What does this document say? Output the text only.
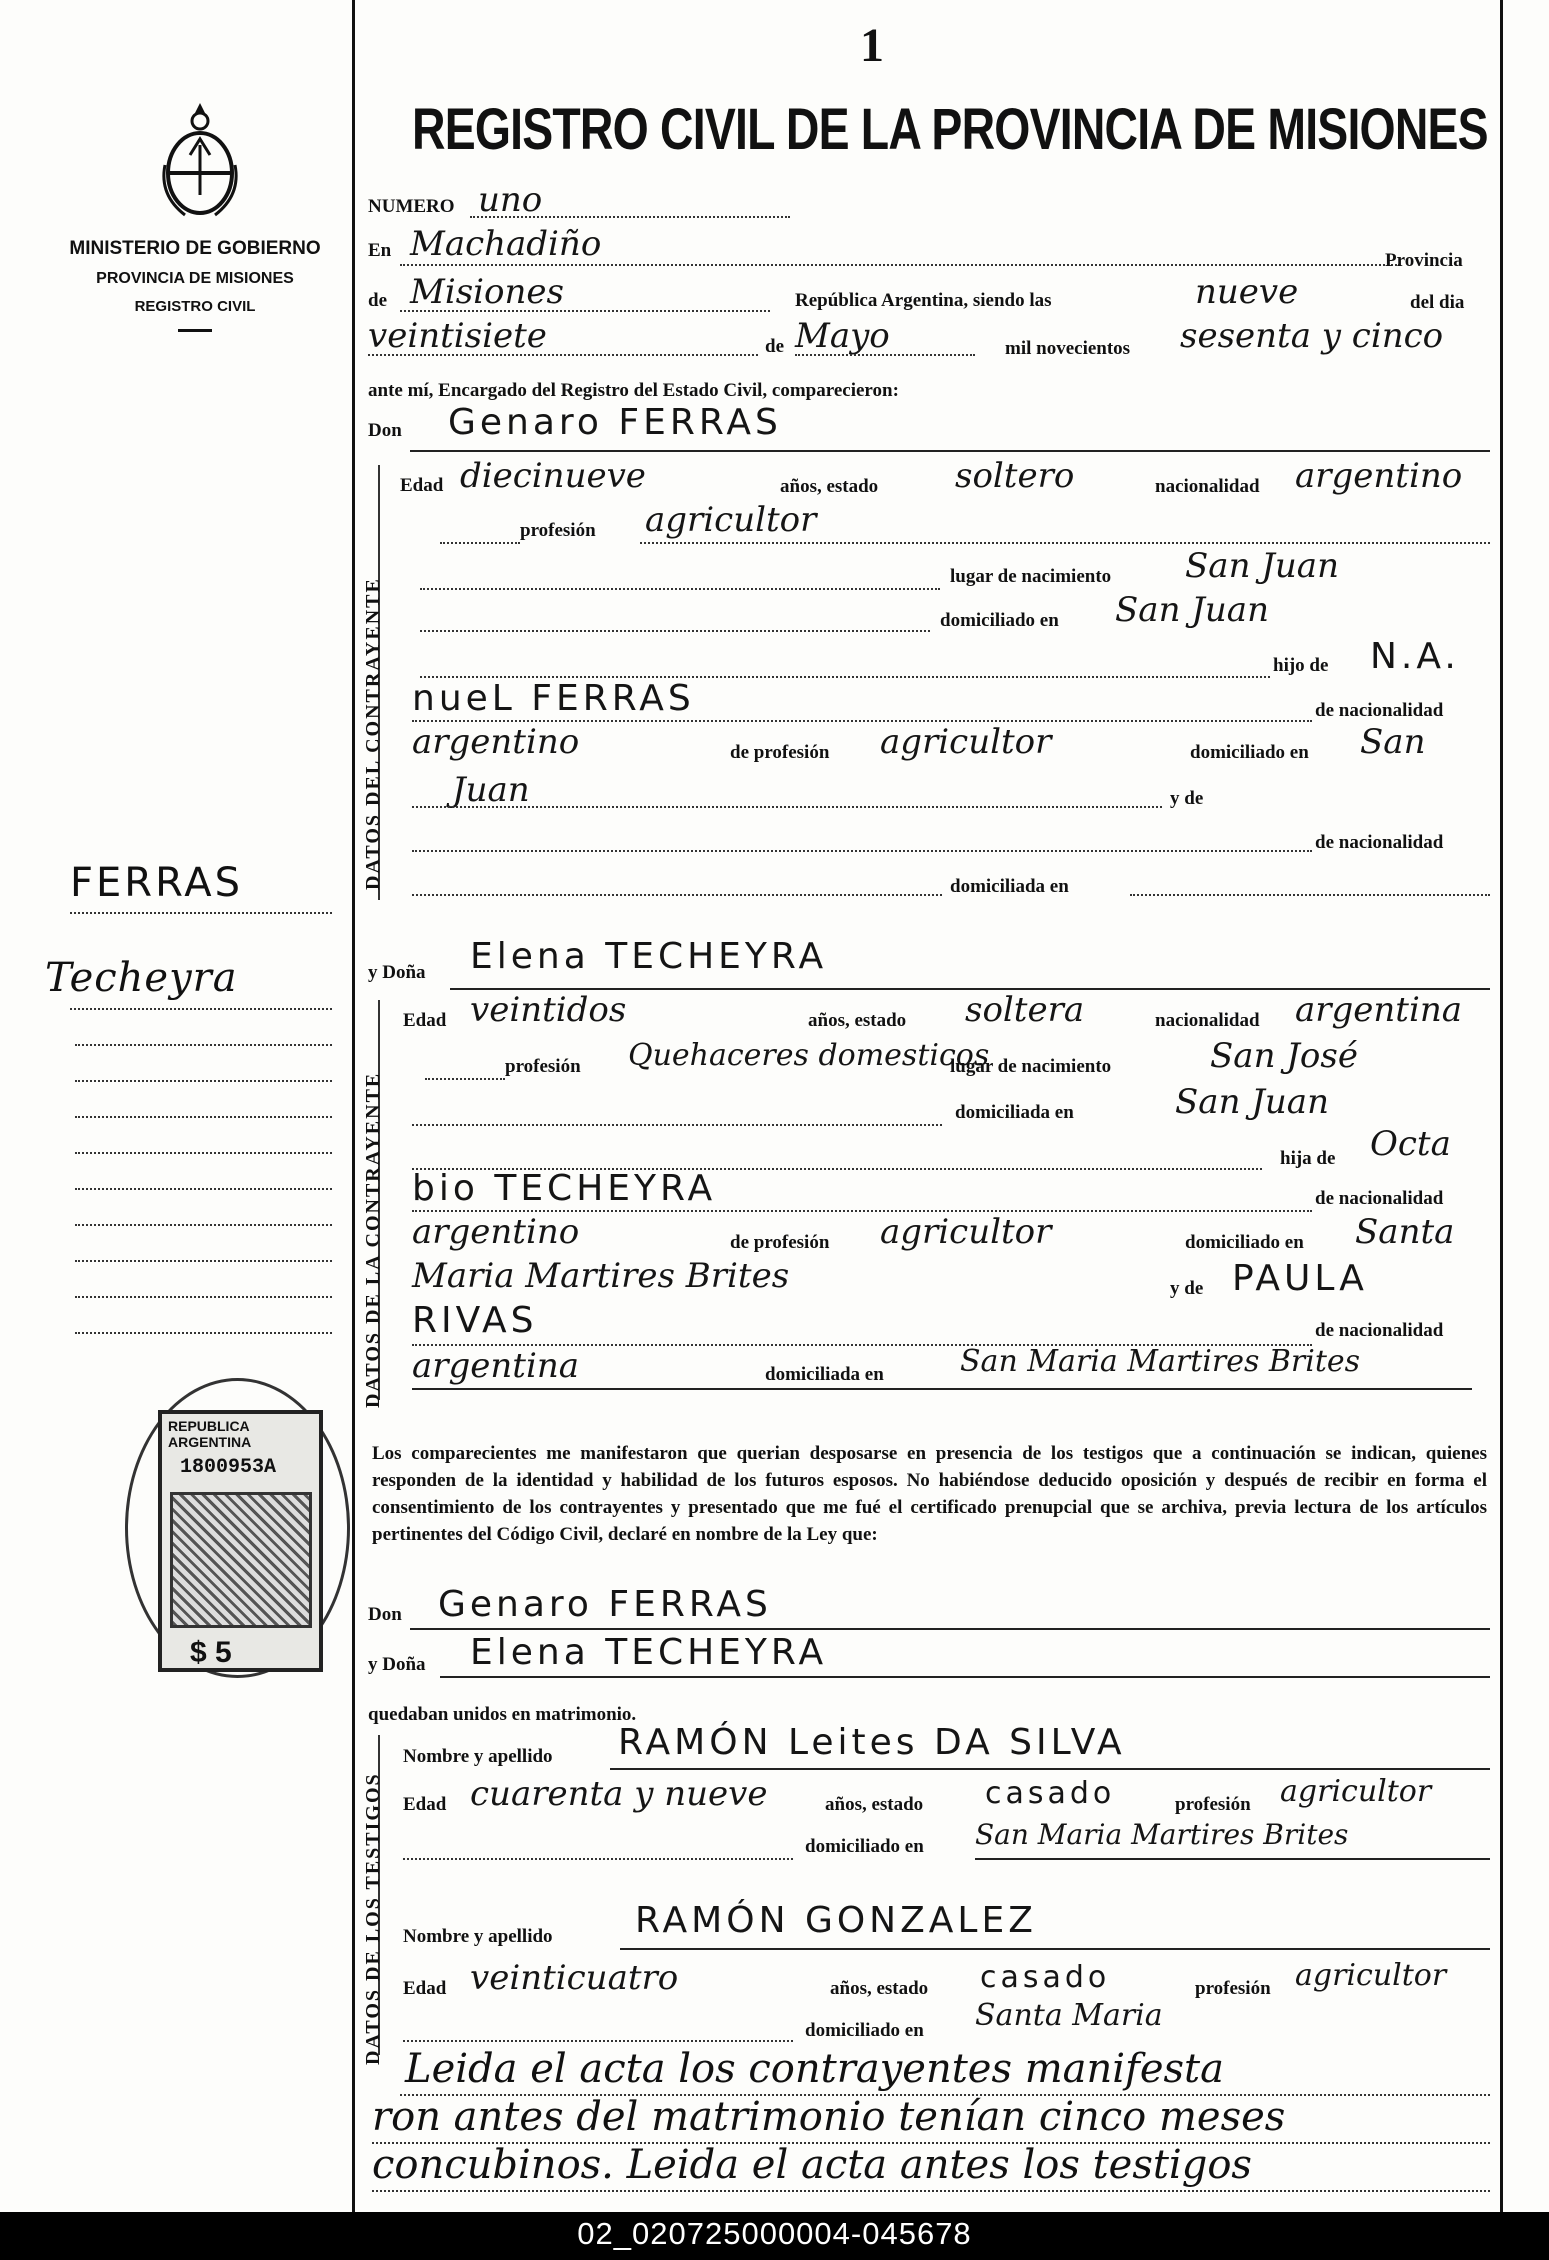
1
REGISTRO CIVIL DE LA PROVINCIA DE MISIONES
MINISTERIO DE GOBIERNO
PROVINCIA DE MISIONES
REGISTRO CIVIL
NUMERO uno
En Machadiño	Provincia
de Misiones	República Argentina, siendo las	nueve	del dia
veintisiete	de Mayo	mil novecientos sesenta y cinco
ante mí, Encargado del Registro del Estado Civil, comparecieron:
Don Genaro FERRAS
DATOS DEL CONTRAYENTE
Edad diecinueve	años, estado soltero	nacionalidad argentino
profesión agricultor
lugar de nacimiento San Juan
domiciliado en San Juan
hijo de N.A.
nueL FERRAS	de nacionalidad
argentino	de profesión agricultor	domiciliado en San
Juan	y de
de nacionalidad
domiciliada en
y Doña Elena TECHEYRA
DATOS DE LA CONTRAYENTE
Edad veintidos	años, estado soltera	nacionalidad argentina
profesión Quehaceres domesticos
lugar de nacimiento	San José
domiciliada en	San Juan
hija de Octa
bio TECHEYRA	de nacionalidad
argentino	de profesión agricultor	domiciliado en Santa
Maria Martires Brites	y de PAULA
RIVAS	de nacionalidad
argentina	domiciliada en	San Maria Martires Brites
Los comparecientes me manifestaron que querian desposarse en presencia de los testigos que a continuación se indican, quienes responden de la identidad y habilidad de los futuros esposos. No habiéndose deducido oposición y después de recibir en forma el consentimiento de los contrayentes y presentado que me fué el certificado prenupcial que se archiva, previa lectura de los artículos pertinentes del Código Civil, declaré en nombre de la Ley que:
Don Genaro FERRAS
y Doña Elena TECHEYRA
quedaban unidos en matrimonio.
DATOS DE LOS TESTIGOS
Nombre y apellido RAMÓN Leites DA SILVA
Edad cuarenta y nueve	años, estado casado	profesión agricultor
domiciliado en San Maria Martires Brites
Nombre y apellido RAMÓN GONZALEZ
Edad veinticuatro	años, estado casado	profesión agricultor
domiciliado en Santa Maria
Leida el acta los contrayentes manifesta
ron antes del matrimonio tenían cinco meses
concubinos. Leida el acta antes los testigos
FERRAS
Techeyra
REPUBLICA ARGENTINA
1800953A
$ 5
02_020725000004-045678
